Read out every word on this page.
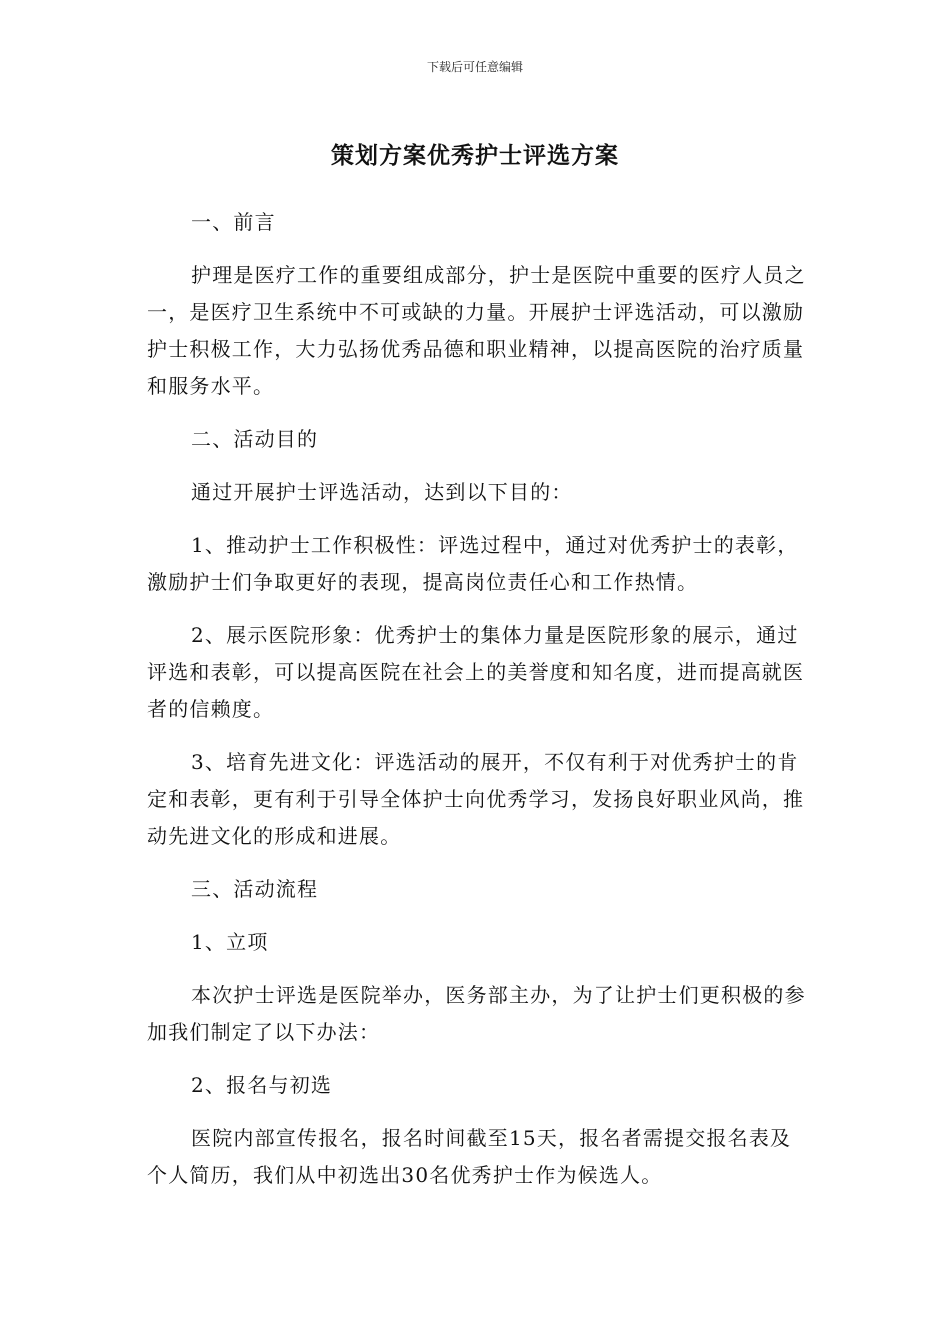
下载后可任意编辑

策划方案优秀护士评选方案

一、前言

护理是医疗工作的重要组成部分，护士是医院中重要的医疗人员之一，是医疗卫生系统中不可或缺的力量。开展护士评选活动，可以激励护士积极工作，大力弘扬优秀品德和职业精神，以提高医院的治疗质量和服务水平。

二、活动目的

通过开展护士评选活动，达到以下目的：

1、推动护士工作积极性：评选过程中，通过对优秀护士的表彰，激励护士们争取更好的表现，提高岗位责任心和工作热情。

2、展示医院形象：优秀护士的集体力量是医院形象的展示，通过评选和表彰，可以提高医院在社会上的美誉度和知名度，进而提高就医者的信赖度。

3、培育先进文化：评选活动的展开，不仅有利于对优秀护士的肯定和表彰，更有利于引导全体护士向优秀学习，发扬良好职业风尚，推动先进文化的形成和进展。

三、活动流程

1、立项

本次护士评选是医院举办，医务部主办，为了让护士们更积极的参加我们制定了以下办法：

2、报名与初选

医院内部宣传报名，报名时间截至15天，报名者需提交报名表及个人简历，我们从中初选出30名优秀护士作为候选人。
